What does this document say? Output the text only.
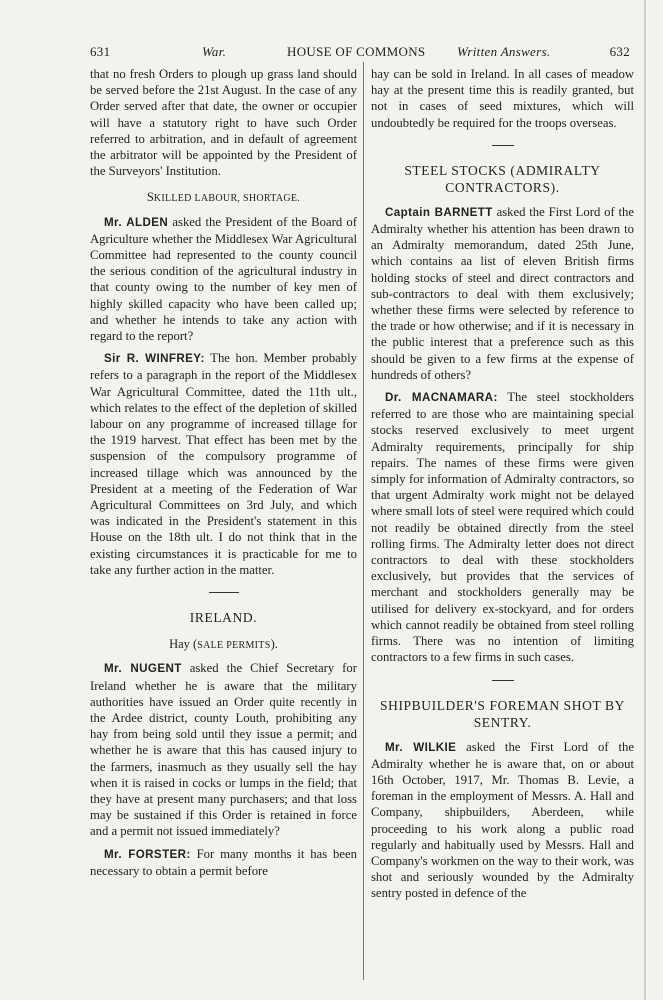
631	War.	HOUSE OF COMMONS Written Answers.	632

that no fresh Orders to plough up grass land should be served before the 21st August. In the case of any Order served after that date, the owner or occupier will have a statutory right to have such Order referred to arbitration, and in default of agreement the arbitrator will be appointed by the President of the Surveyors' Institution.

SKILLED LABOUR, SHORTAGE.

Mr. ALDEN asked the President of the Board of Agriculture whether the Middlesex War Agricultural Committee had represented to the county council the serious condition of the agricultural industry in that county owing to the number of key men of highly skilled capacity who have been called up; and whether he intends to take any action with regard to the report?

Sir R. WINFREY: The hon. Member probably refers to a paragraph in the report of the Middlesex War Agricultural Committee, dated the 11th ult., which relates to the effect of the depletion of skilled labour on any programme of increased tillage for the 1919 harvest. That effect has been met by the suspension of the compulsory programme of increased tillage which was announced by the President at a meeting of the Federation of War Agricultural Committees on 3rd July, and which was indicated in the President's statement in this House on the 18th ult. I do not think that in the existing circumstances it is practicable for me to take any further action in the matter.

IRELAND.
Hay (SALE PERMITS).

Mr. NUGENT asked the Chief Secretary for Ireland whether he is aware that the military authorities have issued an Order quite recently in the Ardee district, county Louth, prohibiting any hay from being sold until they issue a permit; and whether he is aware that this has caused injury to the farmers, inasmuch as they usually sell the hay when it is raised in cocks or lumps in the field; that they have at present many purchasers; and that loss may be sustained if this Order is retained in force and a permit not issued immediately?

Mr. FORSTER: For many months it has been necessary to obtain a permit before

hay can be sold in Ireland. In all cases of meadow hay at the present time this is readily granted, but not in cases of seed mixtures, which will undoubtedly be required for the troops overseas.

STEEL STOCKS (ADMIRALTY CONTRACTORS).

Captain BARNETT asked the First Lord of the Admiralty whether his attention has been drawn to an Admiralty memorandum, dated 25th June, which contains aa list of eleven British firms holding stocks of steel and direct contractors and sub-contractors to deal with them exclusively; whether these firms were selected by reference to the trade or how otherwise; and if it is necessary in the public interest that a preference such as this should be given to a few firms at the expense of hundreds of others?

Dr. MACNAMARA: The steel stockholders referred to are those who are maintaining special stocks reserved exclusively to meet urgent Admiralty requirements, principally for ship repairs. The names of these firms were given simply for information of Admiralty contractors, so that urgent Admiralty work might not be delayed where small lots of steel were required which could not readily be obtained directly from the steel rolling firms. The Admiralty letter does not direct contractors to deal with these stockholders exclusively, but provides that the services of merchant and stockholders generally may be utilised for delivery ex-stockyard, and for orders which cannot readily be obtained from steel rolling firms. There was no intention of limiting contractors to a few firms in such cases.

SHIPBUILDER'S FOREMAN SHOT BY SENTRY.

Mr. WILKIE asked the First Lord of the Admiralty whether he is aware that, on or about 16th October, 1917, Mr. Thomas B. Levie, a foreman in the employment of Messrs. A. Hall and Company, shipbuilders, Aberdeen, while proceeding to his work along a public road regularly and habitually used by Messrs. Hall and Company's workmen on the way to their work, was shot and seriously wounded by the Admiralty sentry posted in defence of the
